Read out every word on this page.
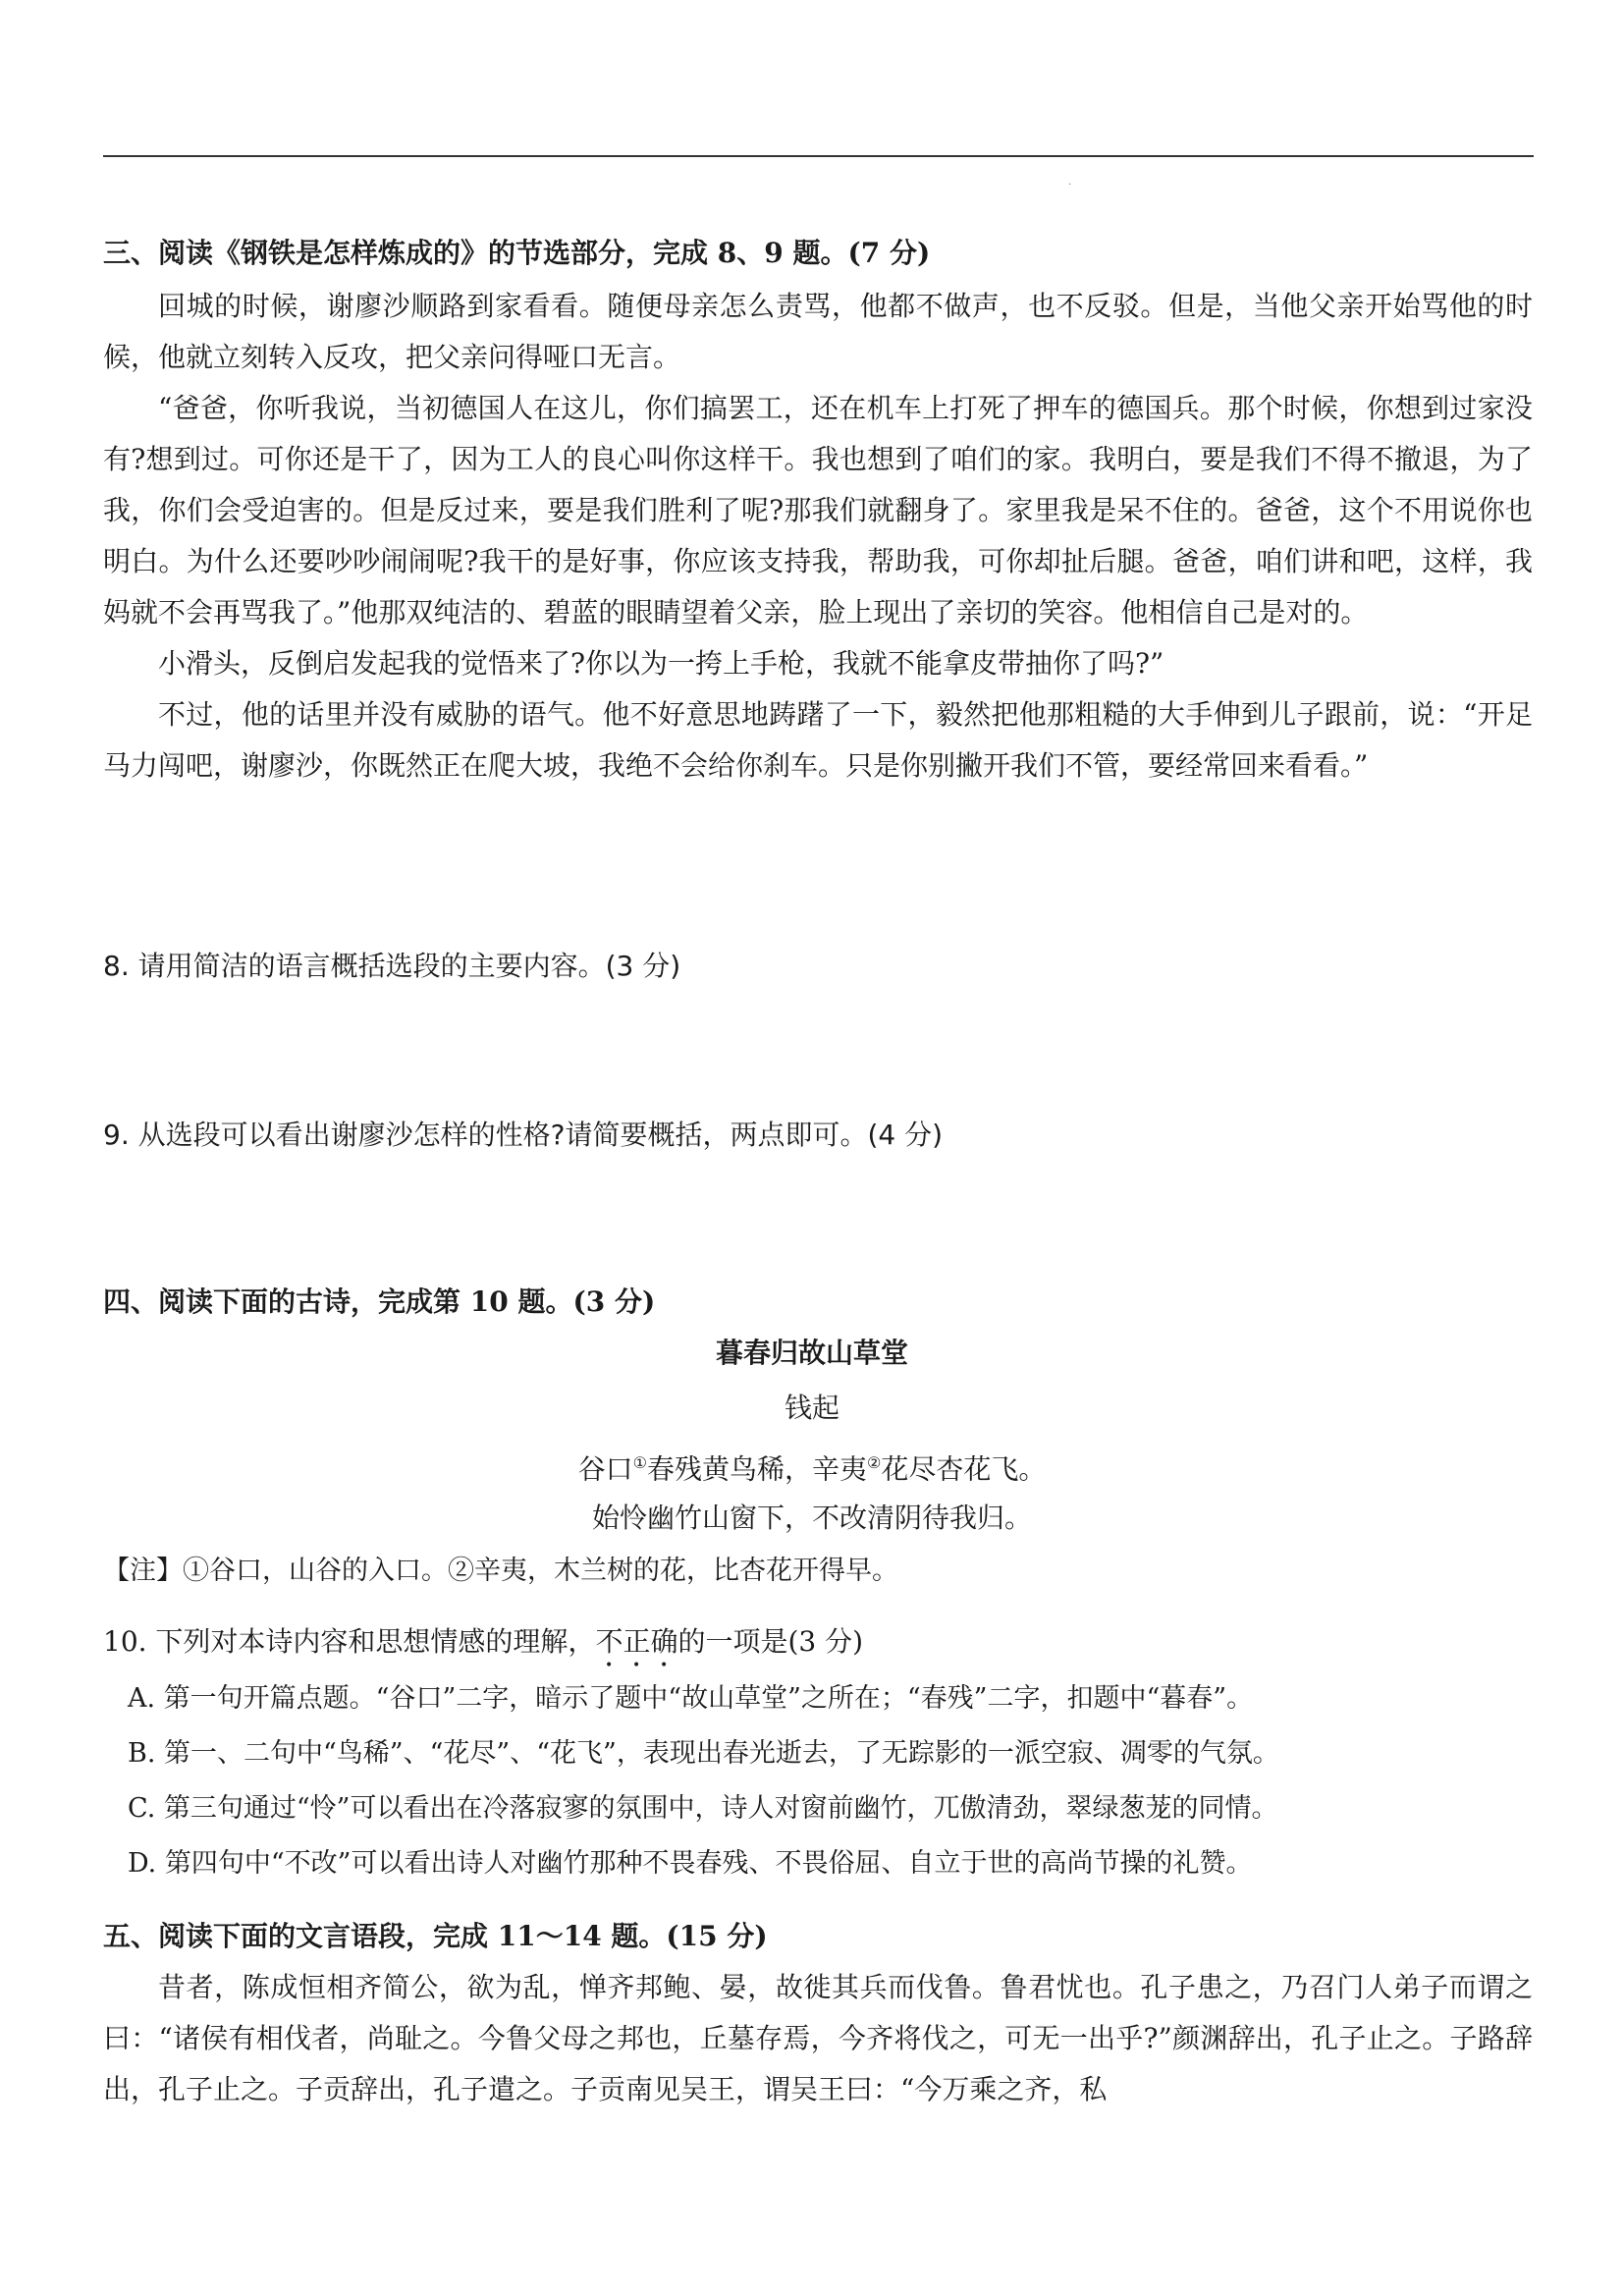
·

三、阅读《钢铁是怎样炼成的》的节选部分，完成 8、9 题。(7 分)

回城的时候，谢廖沙顺路到家看看。随便母亲怎么责骂，他都不做声，也不反驳。但是，当他父亲开始骂他的时候，他就立刻转入反攻，把父亲问得哑口无言。

“爸爸，你听我说，当初德国人在这儿，你们搞罢工，还在机车上打死了押车的德国兵。那个时候，你想到过家没有?想到过。可你还是干了，因为工人的良心叫你这样干。我也想到了咱们的家。我明白，要是我们不得不撤退，为了我，你们会受迫害的。但是反过来，要是我们胜利了呢?那我们就翻身了。家里我是呆不住的。爸爸，这个不用说你也明白。为什么还要吵吵闹闹呢?我干的是好事，你应该支持我，帮助我，可你却扯后腿。爸爸，咱们讲和吧，这样，我妈就不会再骂我了。”他那双纯洁的、碧蓝的眼睛望着父亲，脸上现出了亲切的笑容。他相信自己是对的。

小滑头，反倒启发起我的觉悟来了?你以为一挎上手枪，我就不能拿皮带抽你了吗?”

不过，他的话里并没有威胁的语气。他不好意思地踌躇了一下，毅然把他那粗糙的大手伸到儿子跟前，说：“开足马力闯吧，谢廖沙，你既然正在爬大坡，我绝不会给你刹车。只是你别撇开我们不管，要经常回来看看。”

8. 请用简洁的语言概括选段的主要内容。(3 分)
9. 从选段可以看出谢廖沙怎样的性格?请简要概括，两点即可。(4 分)

四、阅读下面的古诗，完成第 10 题。(3 分)

暮春归故山草堂
钱起
谷口①春残黄鸟稀，辛夷②花尽杏花飞。
始怜幽竹山窗下，不改清阴待我归。
【注】①谷口，山谷的入口。②辛夷，木兰树的花，比杏花开得早。
10. 下列对本诗内容和思想情感的理解，不正确的一项是(3 分)
A. 第一句开篇点题。“谷口”二字，暗示了题中“故山草堂”之所在；“春残”二字，扣题中“暮春”。
B. 第一、二句中“鸟稀”、“花尽”、“花飞”，表现出春光逝去，了无踪影的一派空寂、凋零的气氛。
C. 第三句通过“怜”可以看出在冷落寂寥的氛围中，诗人对窗前幽竹，兀傲清劲，翠绿葱茏的同情。
D. 第四句中“不改”可以看出诗人对幽竹那种不畏春残、不畏俗屈、自立于世的高尚节操的礼赞。

五、阅读下面的文言语段，完成 11～14 题。(15 分)

昔者，陈成恒相齐简公，欲为乱，惮齐邦鲍、晏，故徙其兵而伐鲁。鲁君忧也。孔子患之，乃召门人弟子而谓之曰：“诸侯有相伐者，尚耻之。今鲁父母之邦也，丘墓存焉，今齐将伐之，可无一出乎?”颜渊辞出，孔子止之。子路辞出，孔子止之。子贡辞出，孔子遣之。子贡南见吴王，谓吴王曰：“今万乘之齐，私
